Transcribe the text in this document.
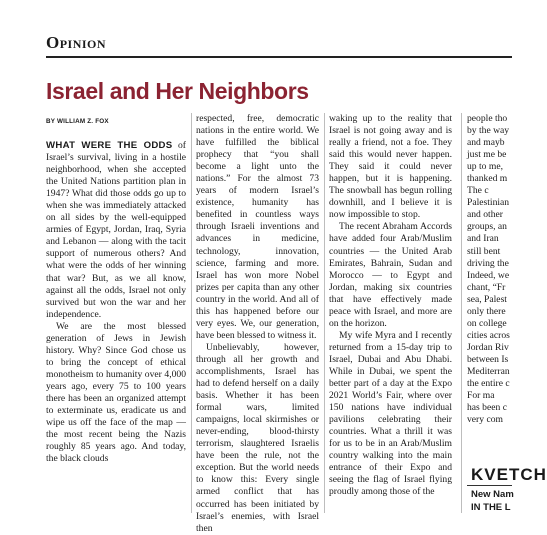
Opinion
Israel and Her Neighbors
BY WILLIAM Z. FOX

WHAT WERE THE ODDS of Israel’s survival, living in a hostile neighborhood, when she accepted the United Nations partition plan in 1947? What did those odds go up to when she was immediately attacked on all sides by the well-equipped armies of Egypt, Jordan, Iraq, Syria and Lebanon — along with the tacit support of numerous others? And what were the odds of her winning that war? But, as we all know, against all the odds, Israel not only survived but won the war and her independence.

We are the most blessed generation of Jews in Jewish history. Why? Since God chose us to bring the concept of ethical monotheism to humanity over 4,000 years ago, every 75 to 100 years there has been an organized attempt to exterminate us, eradicate us and wipe us off the face of the map — the most recent being the Nazis roughly 85 years ago. And today, the black clouds

respected, free, democratic nations in the entire world. We have fulfilled the biblical prophecy that “you shall become a light unto the nations.” For the almost 73 years of modern Israel’s existence, humanity has benefited in countless ways through Israeli inventions and advances in medicine, technology, innovation, science, farming and more. Israel has won more Nobel prizes per capita than any other country in the world. And all of this has happened before our very eyes. We, our generation, have been blessed to witness it.

Unbelievably, however, through all her growth and accomplishments, Israel has had to defend herself on a daily basis. Whether it has been formal wars, limited campaigns, local skirmishes or never-ending, blood-thirsty terrorism, slaughtered Israelis have been the rule, not the exception. But the world needs to know this: Every single armed conflict that has occurred has been initiated by Israel’s enemies, with Israel then

waking up to the reality that Israel is not going away and is really a friend, not a foe. They said this would never happen. They said it could never happen, but it is happening. The snowball has begun rolling downhill, and I believe it is now impossible to stop.

The recent Abraham Accords have added four Arab/Muslim countries — the United Arab Emirates, Bahrain, Sudan and Morocco — to Egypt and Jordan, making six countries that have effectively made peace with Israel, and more are on the horizon.

My wife Myra and I recently returned from a 15-day trip to Israel, Dubai and Abu Dhabi. While in Dubai, we spent the better part of a day at the Expo 2021 World’s Fair, where over 150 nations have individual pavilions celebrating their countries. What a thrill it was for us to be in an Arab/Muslim country walking into the main entrance of their Expo and seeing the flag of Israel flying proudly among those of the

people tho
by the way
and mayb
just me be
up to me,
thanked m
The c
Palestinian
and other
groups, an
and Iran
still bent
driving the
Indeed, we
chant, “Fr
sea, Palest
only there
on college
cities acros
Jordan Riv
between Is
Mediterran
the entire c
For ma
has been c
very com
KVETCH
New Nam
IN THE L
